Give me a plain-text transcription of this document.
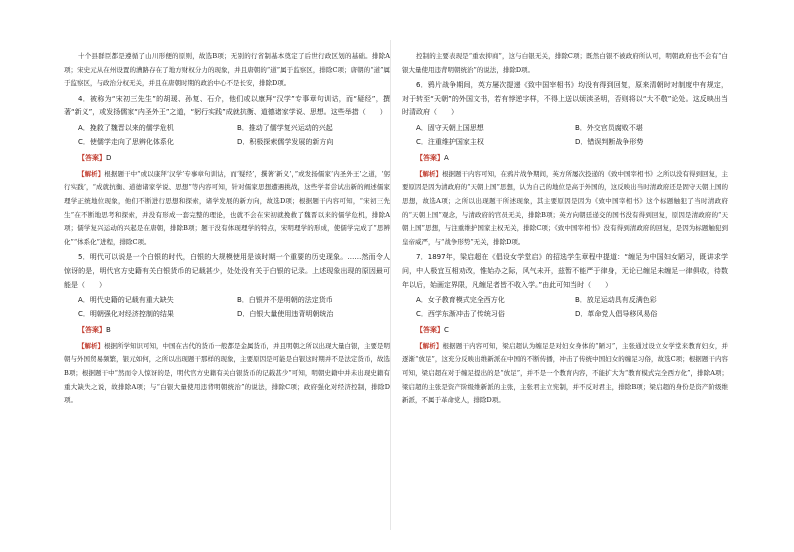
十个县群臣都是遵循了山川形便的原则，故选B项；无别的行省制基本奠定了后世行政区划的基础。排除A项；宋史元从在州设置的漕路存在了地方财权分力的现象，并且唐朝的“道”属于监察区，排除C项；唐朝的“道”属于监察区，与政治分权无关，并且在唐朝时期的政治中心不是长安，排除D项。

4．被称为“宋初三先生”的胡瑗、孙复、石介，他们或以康拜“汉学”专事章句训诂，而“疑经”，撰著“新义”，或发扬儒家“内圣外王”之道，“躬行实践”成就抗衡、道德诸家学说、思想。这些举措（　　）

A．挽救了魏晋以来的儒学危机	B．推动了儒学复兴运动的兴起
C．使儒学走向了思辨化体系化	D．积极探索儒学发展的新方向

【答案】D

【解析】根据题干中“或以康拜‘汉学’专事章句训诂，而‘疑经’，撰著‘新义’，”或发扬儒家‘内圣外王’之道，‘躬行实践’，“成就抗衡、道德诸家学说、思想”等内容可知，针对儒家思想遭遇挑战，这些学者尝试出新的阐述儒家理学正统地位现象，他们不断进行思想和探索，诸学发展的新方向，故选D项；根据题干内容可知，“宋初三先生”在不断地思考和探索，并没有形成一套完整的理论，也就不会在宋初就挽救了魏晋以来的儒学危机，排除A项；儒学复兴运动的兴起是在唐朝，排除B项；题干没有体现理学的特点，宋明理学的形成，使儒学完成了“思辨化”“体系化”进程，排除C项。

5．明代可以说是一个白银的时代，白银的大规模使用是该时期一个重要的历史现象。……然而令人惊讶的是，明代官方史籍有关白银货币的记载甚少，处处没有关于白银的记录。上述现象出现的原因最可能是（　　）

A．明代史籍的记载有重大缺失	B．白银并不是明朝的法定货币
C．明朝强化对经济控制的结果	D．白银大量使用违背明朝统治

【答案】B

【解析】根据所学知识可知，中国在古代的货币一般都是金属货币，并且明朝之所以出现大量白银，主要是明朝与外国贸易频繁，银元如何，之所以出现题干那样的现象，主要原因是可能是白银这时期并不是法定货币，故选B项；根据题干中“然而令人惊讶的是，明代官方史籍有关白银货币的记载甚少”可知，明朝史籍中并未出现史籍有重大缺失之说，故排除A项；与“白银大量使用违背明朝统治”的说法，排除C项；政府强化对经济控制，排除D项。

控制的主要表现是“重农抑商”，这与白银无关，排除C项；既然白银不被政府所认可，明朝政府也不会有“白银大量使用违背明朝统治”的说法，排除D项。

6．鸦片战争期间，英方屡次提递《致中国宰相书》均没有得到回复，原来清朝时对制度中有规定，对于转至“天朝”的外国文书，若有悖逆字样，不得上送以烦渎圣明，否则将以“大不敬”论处。这反映出当时清政府（　　）

A．固守天朝上国思想	B．外交官员腐败不堪
C．注重维护国家主权	D．错误判断战争形势

【答案】A

【解析】根据题干内容可知，在鸦片战争期间，英方所屡次投递的《致中国宰相书》之所以没有得到回复，主要原因是因为清政府的“天朝上国”思想，认为自己的地位是高于外国的，这反映出当时清政府还是固守天朝上国的思想，故选A项；之所以出现题干所述现象，其主要原因是因为《致中国宰相书》这个标题触犯了当时清政府的“天朝上国”观念，与清政府的官员无关，排除B项；英方向朝廷递交的国书没有得到回复，原因是清政府的“天朝上国”思想，与注重维护国家主权无关，排除C项；《致中国宰相书》没有得到清政府的回复，是因为标题触犯到皇帝威严，与“战争形势”无关，排除D项。

7．1897年，梁启超在《倡设女学堂启》的招选学生章程中提道：“缠足为中国妇女陋习，既讲求学问，中人极宜互相劝改，惟始办之际，风气未开，兹暂不能严于律身，无论已缠足未缠足一律俱收，待数年以后，始画定界限，凡缠足者皆不收入学。”由此可知当时（　　）

A．女子教育模式完全西方化	B．放足运动具有反满色彩
C．西学东渐冲击了传统习俗	D．革命党人倡导移风易俗

【答案】C

【解析】根据题干内容可知，梁启超认为缠足是对妇女身体的“陋习”，主张通过设立女学堂来教育妇女，并逐渐“放足”，这充分反映出维新派在中国的不断传播，冲击了传统中国妇女的缠足习俗，故选C项；根据题干内容可知，梁启超在对于缠足提出的是“放足”，并不是一个教育内容，不能扩大为“教育模式完全西方化”，排除A项；梁启超的主张是资产阶级维新派的主张，主张君主立宪制，并不反对君主，排除B项；梁启超的身份是资产阶级维新派，不属于革命党人，排除D项。
